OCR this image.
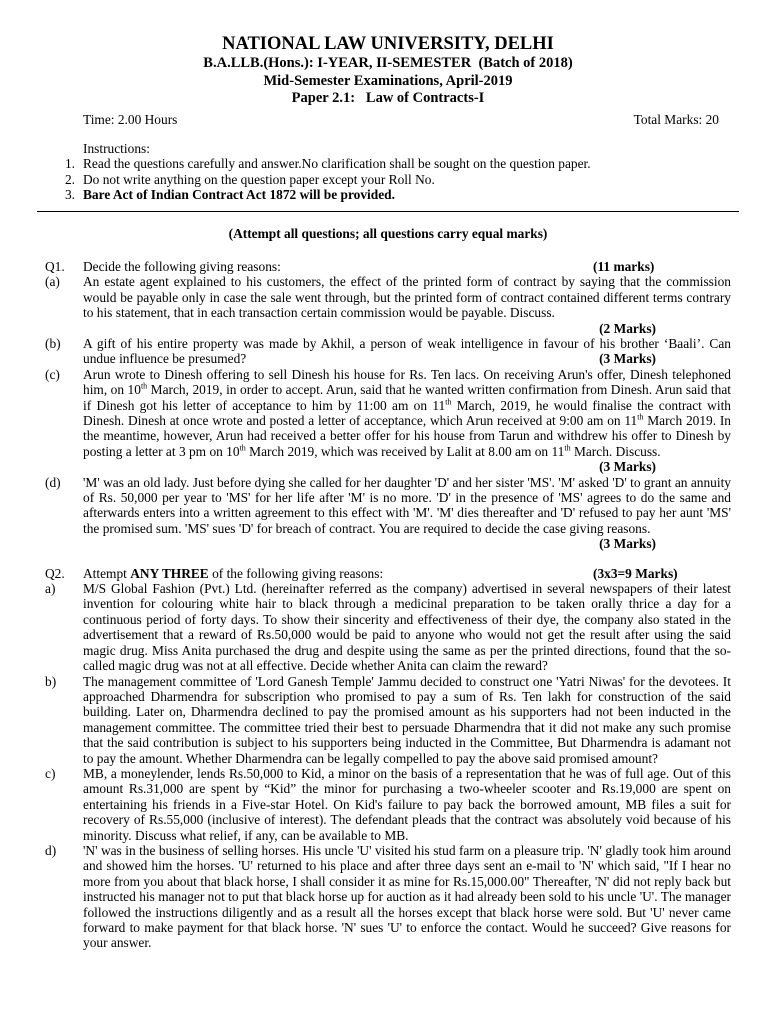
NATIONAL LAW UNIVERSITY, DELHI
B.A.LLB.(Hons.): I-YEAR, II-SEMESTER  (Batch of 2018)
Mid-Semester Examinations, April-2019
Paper 2.1:   Law of Contracts-I
Time: 2.00 Hours	Total Marks: 20
Instructions:
1. Read the questions carefully and answer.No clarification shall be sought on the question paper.
2. Do not write anything on the question paper except your Roll No.
3. Bare Act of Indian Contract Act 1872 will be provided.
(Attempt all questions; all questions carry equal marks)
Q1.	Decide the following giving reasons:	(11 marks)
(a)	An estate agent explained to his customers, the effect of the printed form of contract by saying that the commission would be payable only in case the sale went through, but the printed form of contract contained different terms contrary to his statement, that in each transaction certain commission would be payable. Discuss.
(2 Marks)
(b)	A gift of his entire property was made by Akhil, a person of weak intelligence in favour of his brother ‘Baali’. Can undue influence be presumed?	(3 Marks)
(c)	Arun wrote to Dinesh offering to sell Dinesh his house for Rs. Ten lacs. On receiving Arun's offer, Dinesh telephoned him, on 10th March, 2019, in order to accept. Arun, said that he wanted written confirmation from Dinesh. Arun said that if Dinesh got his letter of acceptance to him by 11:00 am on 11th March, 2019, he would finalise the contract with Dinesh. Dinesh at once wrote and posted a letter of acceptance, which Arun received at 9:00 am on 11th March 2019. In the meantime, however, Arun had received a better offer for his house from Tarun and withdrew his offer to Dinesh by posting a letter at 3 pm on 10th March 2019, which was received by Lalit at 8.00 am on 11th March. Discuss.
(3 Marks)
(d)	'M' was an old lady. Just before dying she called for her daughter 'D' and her sister 'MS'. 'M' asked 'D' to grant an annuity of Rs. 50,000 per year to 'MS' for her life after 'M' is no more. 'D' in the presence of 'MS' agrees to do the same and afterwards enters into a written agreement to this effect with 'M'. 'M' dies thereafter and 'D' refused to pay her aunt 'MS' the promised sum. 'MS' sues 'D' for breach of contract. You are required to decide the case giving reasons.
(3 Marks)
Q2.	Attempt ANY THREE of the following giving reasons:	(3x3=9 Marks)
a)	M/S Global Fashion (Pvt.) Ltd. (hereinafter referred as the company) advertised in several newspapers of their latest invention for colouring white hair to black through a medicinal preparation to be taken orally thrice a day for a continuous period of forty days. To show their sincerity and effectiveness of their dye, the company also stated in the advertisement that a reward of Rs.50,000 would be paid to anyone who would not get the result after using the said magic drug. Miss Anita purchased the drug and despite using the same as per the printed directions, found that the so-called magic drug was not at all effective. Decide whether Anita can claim the reward?
b)	The management committee of 'Lord Ganesh Temple' Jammu decided to construct one 'Yatri Niwas' for the devotees. It approached Dharmendra for subscription who promised to pay a sum of Rs. Ten lakh for construction of the said building. Later on, Dharmendra declined to pay the promised amount as his supporters had not been inducted in the management committee. The committee tried their best to persuade Dharmendra that it did not make any such promise that the said contribution is subject to his supporters being inducted in the Committee, But Dharmendra is adamant not to pay the amount. Whether Dharmendra can be legally compelled to pay the above said promised amount?
c)	MB, a moneylender, lends Rs.50,000 to Kid, a minor on the basis of a representation that he was of full age. Out of this amount Rs.31,000 are spent by “Kid” the minor for purchasing a two-wheeler scooter and Rs.19,000 are spent on entertaining his friends in a Five-star Hotel. On Kid's failure to pay back the borrowed amount, MB files a suit for recovery of Rs.55,000 (inclusive of interest). The defendant pleads that the contract was absolutely void because of his minority. Discuss what relief, if any, can be available to MB.
d)	'N' was in the business of selling horses. His uncle 'U' visited his stud farm on a pleasure trip. 'N' gladly took him around and showed him the horses. 'U' returned to his place and after three days sent an e-mail to 'N' which said, "If I hear no more from you about that black horse, I shall consider it as mine for Rs.15,000.00" Thereafter, 'N' did not reply back but instructed his manager not to put that black horse up for auction as it had already been sold to his uncle 'U'. The manager followed the instructions diligently and as a result all the horses except that black horse were sold. But 'U' never came forward to make payment for that black horse. 'N' sues 'U' to enforce the contact. Would he succeed? Give reasons for your answer.
